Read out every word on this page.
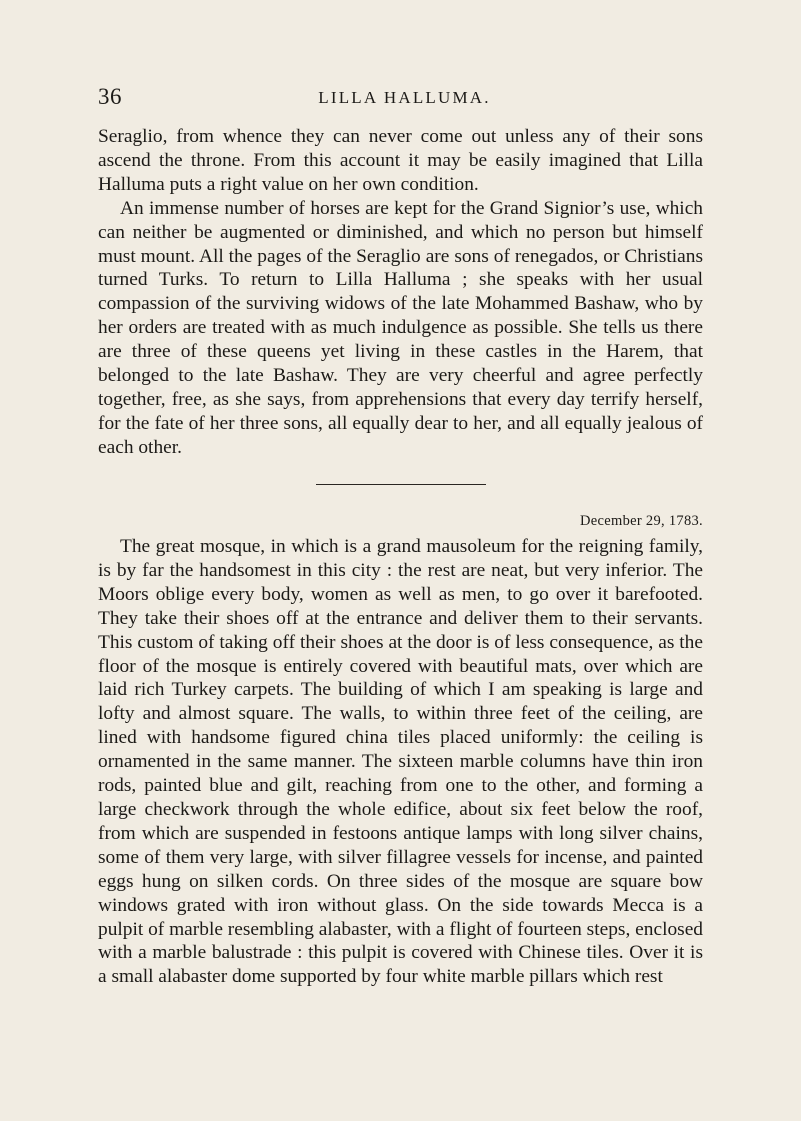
36	LILLA HALLUMA.

Seraglio, from whence they can never come out unless any of their sons ascend the throne. From this account it may be easily imagined that Lilla Halluma puts a right value on her own condition.

An immense number of horses are kept for the Grand Signior’s use, which can neither be augmented or diminished, and which no person but himself must mount. All the pages of the Seraglio are sons of renegados, or Christians turned Turks. To return to Lilla Halluma ; she speaks with her usual compassion of the surviving widows of the late Mohammed Bashaw, who by her orders are treated with as much indulgence as possible. She tells us there are three of these queens yet living in these castles in the Harem, that belonged to the late Bashaw. They are very cheerful and agree perfectly together, free, as she says, from apprehensions that every day terrify herself, for the fate of her three sons, all equally dear to her, and all equally jealous of each other.

December 29, 1783.

The great mosque, in which is a grand mausoleum for the reigning family, is by far the handsomest in this city : the rest are neat, but very inferior. The Moors oblige every body, women as well as men, to go over it barefooted. They take their shoes off at the entrance and deliver them to their servants. This custom of taking off their shoes at the door is of less consequence, as the floor of the mosque is entirely covered with beautiful mats, over which are laid rich Turkey carpets. The building of which I am speaking is large and lofty and almost square. The walls, to within three feet of the ceiling, are lined with handsome figured china tiles placed uniformly: the ceiling is ornamented in the same manner. The sixteen marble columns have thin iron rods, painted blue and gilt, reaching from one to the other, and forming a large checkwork through the whole edifice, about six feet below the roof, from which are suspended in festoons antique lamps with long silver chains, some of them very large, with silver fillagree vessels for incense, and painted eggs hung on silken cords. On three sides of the mosque are square bow windows grated with iron without glass. On the side towards Mecca is a pulpit of marble resembling alabaster, with a flight of fourteen steps, enclosed with a marble balustrade : this pulpit is covered with Chinese tiles. Over it is a small alabaster dome supported by four white marble pillars which rest
